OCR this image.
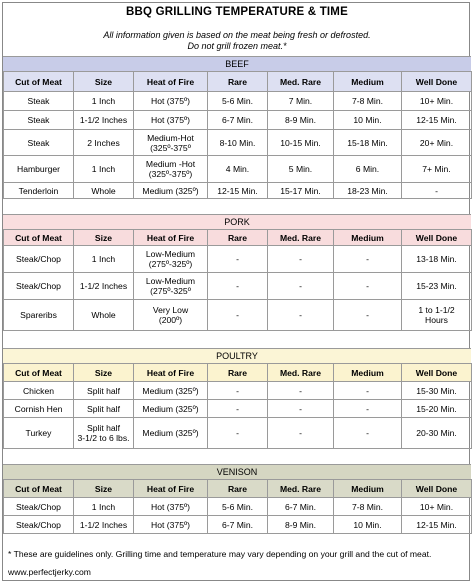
BBQ GRILLING TEMPERATURE & TIME
All information given is based on the meat being fresh or defrosted.
Do not grill frozen meat.*
BEEF
Cut of Meat	Size	Heat of Fire	Rare	Med. Rare	Medium	Well Done
Steak	1 Inch	Hot (375º)	5-6 Min.	7 Min.	7-8 Min.	10+ Min.
Steak	1-1/2 Inches	Hot (375º)	6-7 Min.	8-9 Min.	10 Min.	12-15 Min.
Steak	2 Inches	Medium-Hot
(325º-375º	8-10 Min.	10-15 Min.	15-18 Min.	20+ Min.
Hamburger	1 Inch	Medium -Hot
(325º-375º)	4 Min.	5 Min.	6 Min.	7+ Min.
Tenderloin	Whole	Medium (325º)	12-15 Min.	15-17 Min.	18-23 Min.	-
PORK
Cut of Meat	Size	Heat of Fire	Rare	Med. Rare	Medium	Well Done
Steak/Chop	1 Inch	Low-Medium
(275º-325º)	-	-	-	13-18 Min.
Steak/Chop	1-1/2 Inches	Low-Medium
(275º-325º	-	-	-	15-23 Min.
Spareribs	Whole	Very Low
(200º)	-	-	-	1 to 1-1/2
Hours
POULTRY
Cut of Meat	Size	Heat of Fire	Rare	Med. Rare	Medium	Well Done
Chicken	Split half	Medium (325º)	-	-	-	15-30 Min.
Cornish Hen	Split half	Medium (325º)	-	-	-	15-20 Min.
Turkey	Split half
3-1/2 to 6 lbs.	Medium (325º)	-	-	-	20-30 Min.
VENISON
Cut of Meat	Size	Heat of Fire	Rare	Med. Rare	Medium	Well Done
Steak/Chop	1 Inch	Hot (375º)	5-6 Min.	6-7 Min.	7-8 Min.	10+ Min.
Steak/Chop	1-1/2 Inches	Hot (375º)	6-7 Min.	8-9 Min.	10 Min.	12-15 Min.
* These are guidelines only. Grilling time and temperature may vary depending on your grill and the cut of meat.
www.perfectjerky.com
